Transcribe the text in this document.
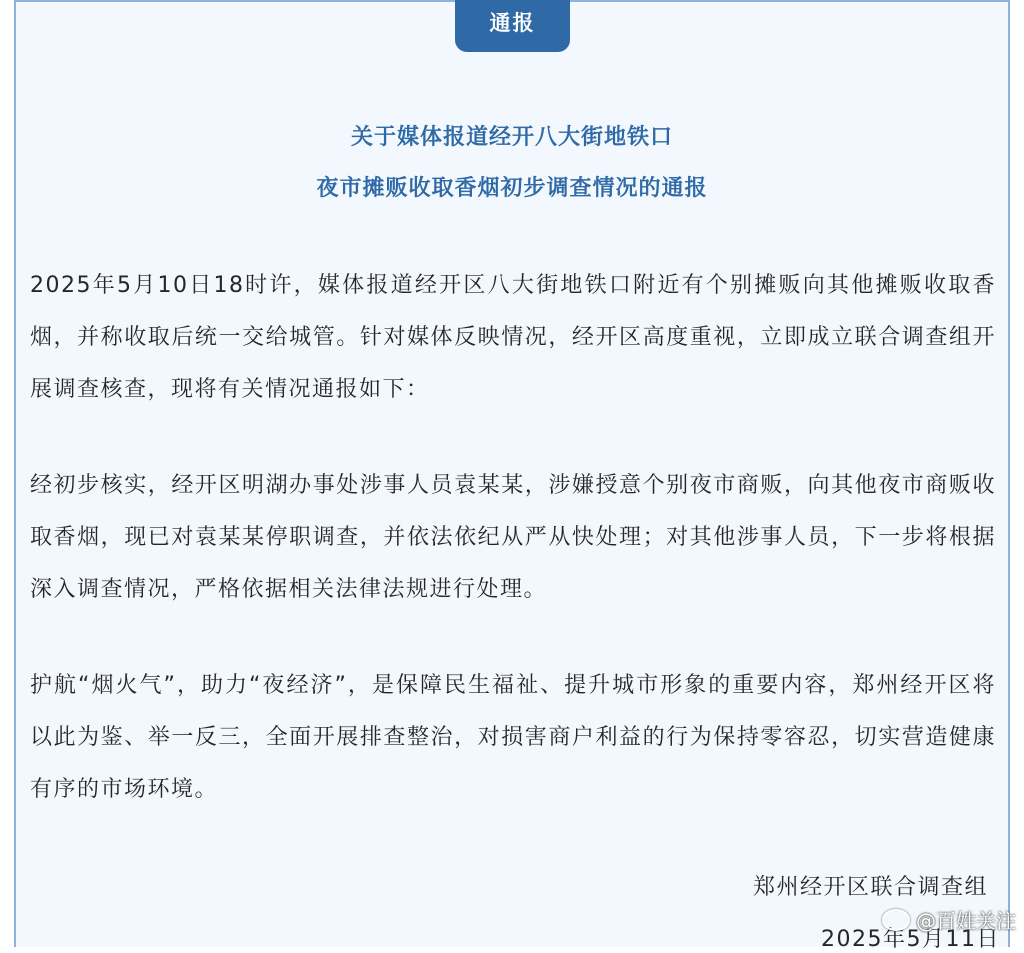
通报
关于媒体报道经开八大街地铁口
夜市摊贩收取香烟初步调查情况的通报
2025年5月10日18时许，媒体报道经开区八大街地铁口附近有个别摊贩向其他摊贩收取香烟，并称收取后统一交给城管。针对媒体反映情况，经开区高度重视，立即成立联合调查组开展调查核查，现将有关情况通报如下：
经初步核实，经开区明湖办事处涉事人员袁某某，涉嫌授意个别夜市商贩，向其他夜市商贩收取香烟，现已对袁某某停职调查，并依法依纪从严从快处理；对其他涉事人员，下一步将根据深入调查情况，严格依据相关法律法规进行处理。
护航“烟火气”，助力“夜经济”，是保障民生福祉、提升城市形象的重要内容，郑州经开区将以此为鉴、举一反三，全面开展排查整治，对损害商户利益的行为保持零容忍，切实营造健康有序的市场环境。
郑州经开区联合调查组
2025年5月11日
@百姓关注
